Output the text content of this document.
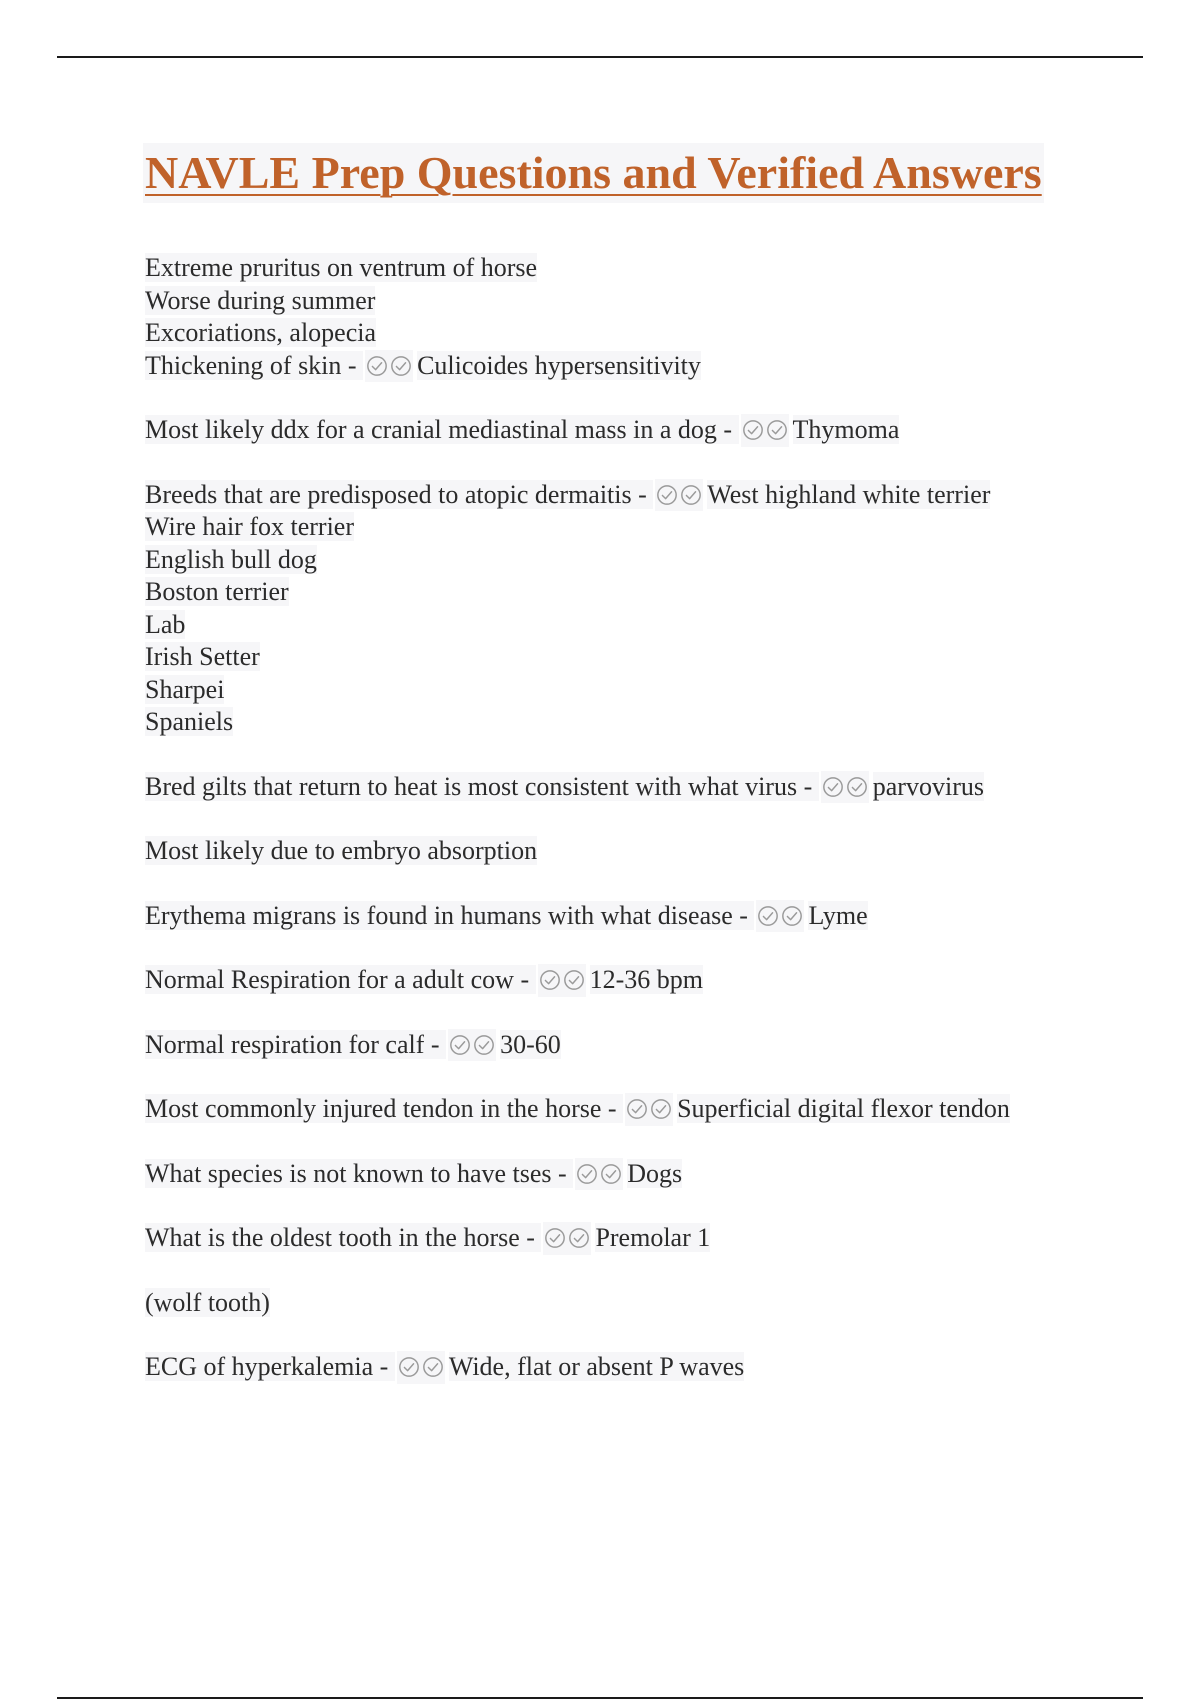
NAVLE Prep Questions and Verified Answers
Extreme pruritus on ventrum of horse
Worse during summer
Excoriations, alopecia
Thickening of skin - Culicoides hypersensitivity
Most likely ddx for a cranial mediastinal mass in a dog - Thymoma
Breeds that are predisposed to atopic dermaitis - West highland white terrier
Wire hair fox terrier
English bull dog
Boston terrier
Lab
Irish Setter
Sharpei
Spaniels
Bred gilts that return to heat is most consistent with what virus - parvovirus
Most likely due to embryo absorption
Erythema migrans is found in humans with what disease - Lyme
Normal Respiration for a adult cow - 12-36 bpm
Normal respiration for calf - 30-60
Most commonly injured tendon in the horse - Superficial digital flexor tendon
What species is not known to have tses - Dogs
What is the oldest tooth in the horse - Premolar 1
(wolf tooth)
ECG of hyperkalemia - Wide, flat or absent P waves
